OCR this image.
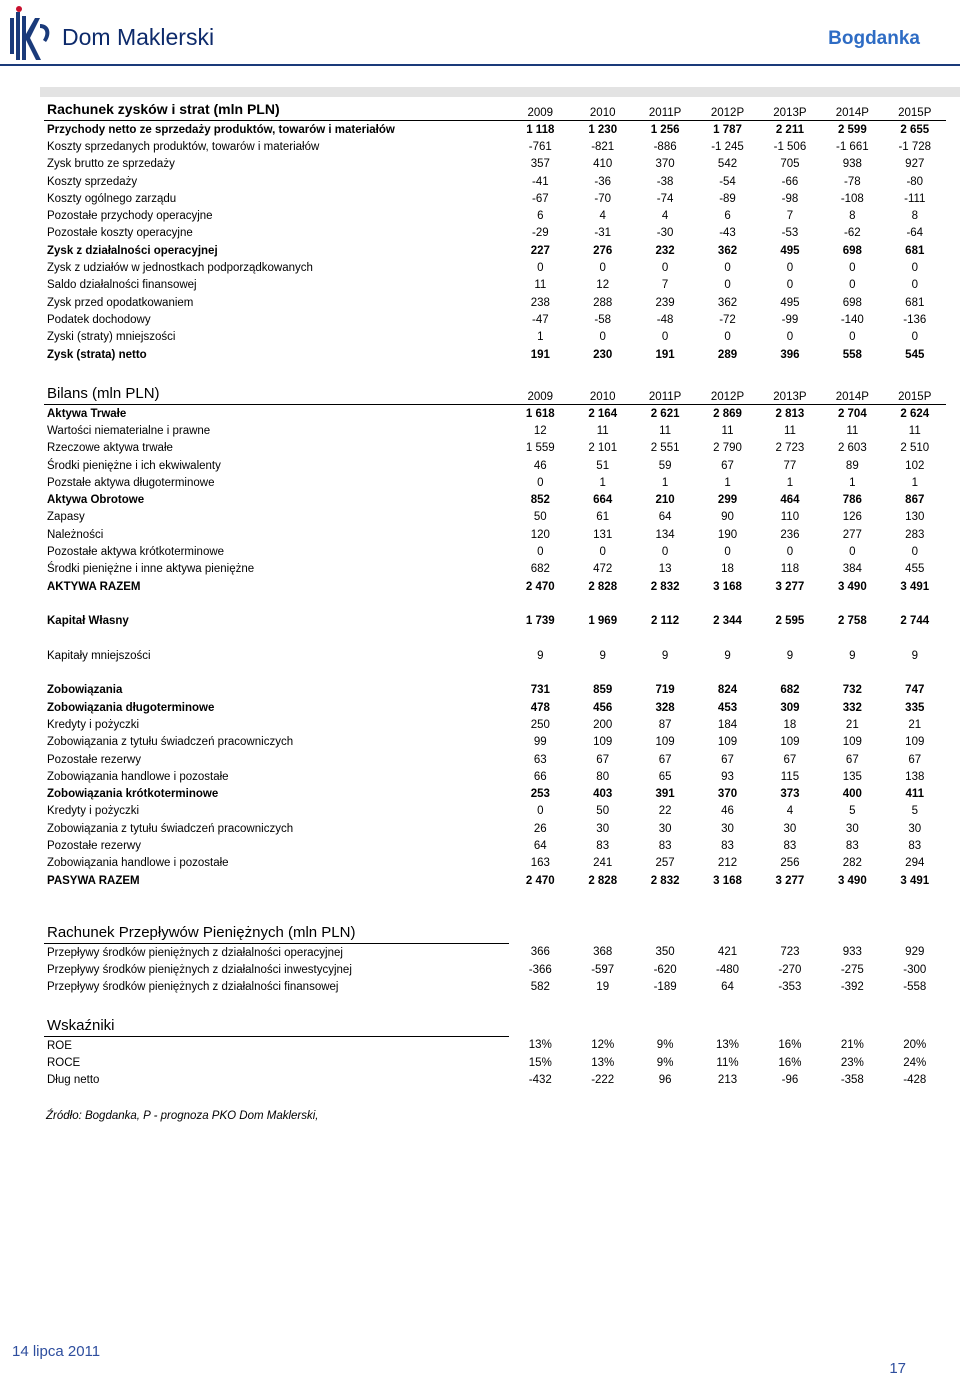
Dom Maklerski	Bogdanka
Rachunek zysków i strat (mln PLN)	2009	2010	2011P	2012P	2013P	2014P	2015P
Przychody netto ze sprzedaży produktów, towarów i materiałów	1 118	1 230	1 256	1 787	2 211	2 599	2 655
Koszty sprzedanych produktów, towarów i materiałów	-761	-821	-886	-1 245	-1 506	-1 661	-1 728
Zysk brutto ze sprzedaży	357	410	370	542	705	938	927
Koszty sprzedaży	-41	-36	-38	-54	-66	-78	-80
Koszty ogólnego zarządu	-67	-70	-74	-89	-98	-108	-111
Pozostałe przychody operacyjne	6	4	4	6	7	8	8
Pozostałe koszty operacyjne	-29	-31	-30	-43	-53	-62	-64
Zysk z działalności operacyjnej	227	276	232	362	495	698	681
Zysk z udziałów w jednostkach podporządkowanych	0	0	0	0	0	0	0
Saldo działalności finansowej	11	12	7	0	0	0	0
Zysk przed opodatkowaniem	238	288	239	362	495	698	681
Podatek dochodowy	-47	-58	-48	-72	-99	-140	-136
Zyski (straty) mniejszości	1	0	0	0	0	0	0
Zysk (strata) netto	191	230	191	289	396	558	545
Bilans (mln PLN)	2009	2010	2011P	2012P	2013P	2014P	2015P
Aktywa Trwałe	1 618	2 164	2 621	2 869	2 813	2 704	2 624
Wartości niematerialne i prawne	12	11	11	11	11	11	11
Rzeczowe aktywa trwałe	1 559	2 101	2 551	2 790	2 723	2 603	2 510
Środki pieniężne i ich ekwiwalenty	46	51	59	67	77	89	102
Pozstałe aktywa długoterminowe	0	1	1	1	1	1	1
Aktywa Obrotowe	852	664	210	299	464	786	867
Zapasy	50	61	64	90	110	126	130
Należności	120	131	134	190	236	277	283
Pozostałe aktywa krótkoterminowe	0	0	0	0	0	0	0
Środki pieniężne i inne aktywa pieniężne	682	472	13	18	118	384	455
AKTYWA RAZEM	2 470	2 828	2 832	3 168	3 277	3 490	3 491

Kapitał Własny	1 739	1 969	2 112	2 344	2 595	2 758	2 744

Kapitały mniejszości	9	9	9	9	9	9	9

Zobowiązania	731	859	719	824	682	732	747
Zobowiązania długoterminowe	478	456	328	453	309	332	335
Kredyty i pożyczki	250	200	87	184	18	21	21
Zobowiązania z tytułu świadczeń pracowniczych	99	109	109	109	109	109	109
Pozostałe rezerwy	63	67	67	67	67	67	67
Zobowiązania handlowe i pozostałe	66	80	65	93	115	135	138
Zobowiązania krótkoterminowe	253	403	391	370	373	400	411
Kredyty i pożyczki	0	50	22	46	4	5	5
Zobowiązania z tytułu świadczeń pracowniczych	26	30	30	30	30	30	30
Pozostałe rezerwy	64	83	83	83	83	83	83
Zobowiązania handlowe i pozostałe	163	241	257	212	256	282	294
PASYWA RAZEM	2 470	2 828	2 832	3 168	3 277	3 490	3 491
Rachunek Przepływów Pieniężnych (mln PLN)							
Przepływy środków pieniężnych z działalności operacyjnej	366	368	350	421	723	933	929
Przepływy środków pieniężnych z działalności inwestycyjnej	-366	-597	-620	-480	-270	-275	-300
Przepływy środków pieniężnych z działalności finansowej	582	19	-189	64	-353	-392	-558
Wskaźniki							
ROE	13%	12%	9%	13%	16%	21%	20%
ROCE	15%	13%	9%	11%	16%	23%	24%
Dług netto	-432	-222	96	213	-96	-358	-428
Źródło: Bogdanka, P - prognoza PKO Dom Maklerski,
14 lipca 2011
17
